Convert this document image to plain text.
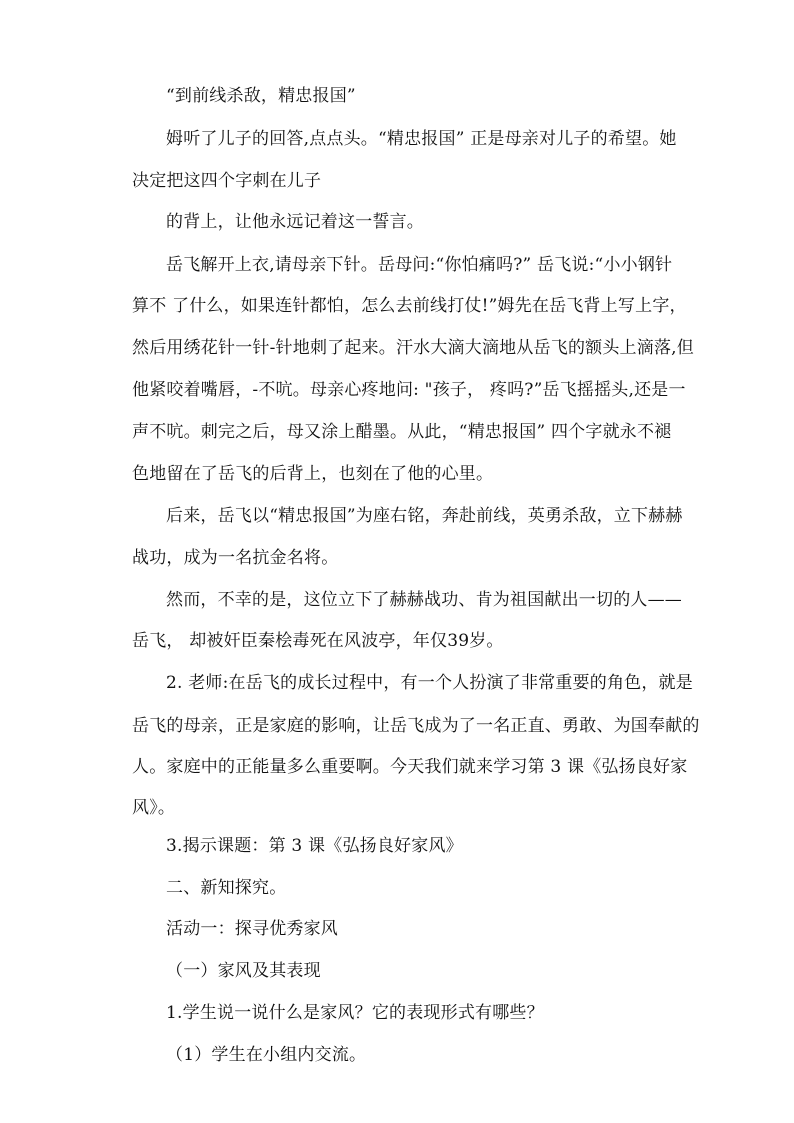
“到前线杀敌，精忠报国”
姆听了儿子的回答,点点头。“精忠报国” 正是母亲对儿子的希望。她
决定把这四个字刺在儿子
的背上，让他永远记着这一誓言。
岳飞解开上衣,请母亲下针。岳母问:“你怕痛吗?” 岳飞说:“小小钢针
算不 了什么，如果连针都怕，怎么去前线打仗!”姆先在岳飞背上写上字，
然后用绣花针一针-针地刺了起来。汗水大滴大滴地从岳飞的额头上滴落,但
他紧咬着嘴唇，-不吭。母亲心疼地问: "孩子， 疼吗?”岳飞摇摇头,还是一
声不吭。刺完之后，母又涂上醋墨。从此，“精忠报国” 四个字就永不褪
色地留在了岳飞的后背上，也刻在了他的心里。
后来，岳飞以“精忠报国”为座右铭，奔赴前线，英勇杀敌，立下赫赫
战功，成为一名抗金名将。
然而，不幸的是，这位立下了赫赫战功、肯为祖国献出一切的人——
岳飞， 却被奸臣秦桧毒死在风波亭，年仅39岁。
2. 老师:在岳飞的成长过程中，有一个人扮演了非常重要的角色，就是
岳飞的母亲，正是家庭的影响，让岳飞成为了一名正直、勇敢、为国奉献的
人。家庭中的正能量多么重要啊。今天我们就来学习第 3 课《弘扬良好家
风》。
3.揭示课题：第 3 课《弘扬良好家风》
二、新知探究。
活动一：探寻优秀家风
（一）家风及其表现
1.学生说一说什么是家风？它的表现形式有哪些？
（1）学生在小组内交流。
